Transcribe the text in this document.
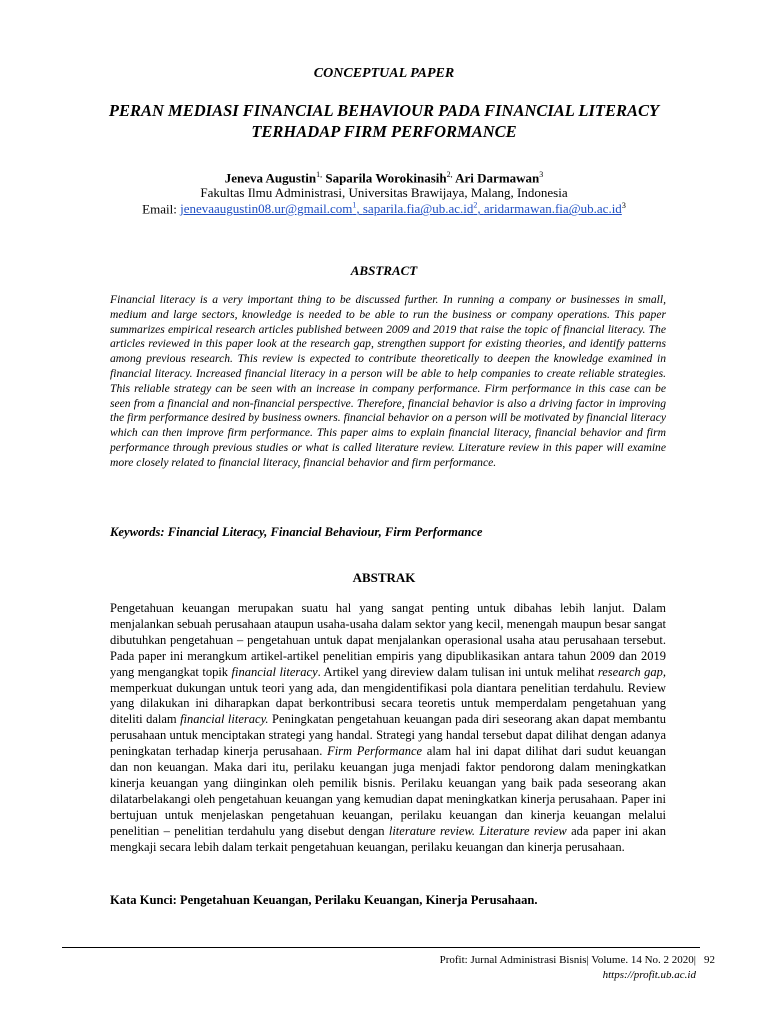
CONCEPTUAL PAPER
PERAN MEDIASI FINANCIAL BEHAVIOUR PADA FINANCIAL LITERACY TERHADAP FIRM PERFORMANCE
Jeneva Augustin$^{1,}$ Saparila Worokinasih$^{2,}$ Ari Darmawan$^3$
Fakultas Ilmu Administrasi, Universitas Brawijaya, Malang, Indonesia
Email: jenevaaugustin08.ur@gmail.com$^1$, $saparila.fia@ub.ac.id^2$, $aridarmawan.fia@ub.ac.id^3$
ABSTRACT
Financial literacy is a very important thing to be discussed further. In running a company or businesses in small, medium and large sectors, knowledge is needed to be able to run the business or company operations. This paper summarizes empirical research articles published between 2009 and 2019 that raise the topic of financial literacy. The articles reviewed in this paper look at the research gap, strengthen support for existing theories, and identify patterns among previous research. This review is expected to contribute theoretically to deepen the knowledge examined in financial literacy. Increased financial literacy in a person will be able to help companies to create reliable strategies. This reliable strategy can be seen with an increase in company performance. Firm performance in this case can be seen from a financial and non-financial perspective. Therefore, financial behavior is also a driving factor in improving the firm performance desired by business owners. financial behavior on a person will be motivated by financial literacy which can then improve firm performance. This paper aims to explain financial literacy, financial behavior and firm performance through previous studies or what is called literature review. Literature review in this paper will examine more closely related to financial literacy, financial behavior and firm performance.
Keywords: Financial Literacy, Financial Behaviour, Firm Performance
ABSTRAK
Pengetahuan keuangan merupakan suatu hal yang sangat penting untuk dibahas lebih lanjut. Dalam menjalankan sebuah perusahaan ataupun usaha-usaha dalam sektor yang kecil, menengah maupun besar sangat dibutuhkan pengetahuan – pengetahuan untuk dapat menjalankan operasional usaha atau perusahaan tersebut. Pada paper ini merangkum artikel-artikel penelitian empiris yang dipublikasikan antara tahun 2009 dan 2019 yang mengangkat topik financial literacy. Artikel yang direview dalam tulisan ini untuk melihat research gap, memperkuat dukungan untuk teori yang ada, dan mengidentifikasi pola diantara penelitian terdahulu. Review yang dilakukan ini diharapkan dapat berkontribusi secara teoretis untuk memperdalam pengetahuan yang diteliti dalam financial literacy. Peningkatan pengetahuan keuangan pada diri seseorang akan dapat membantu perusahaan untuk menciptakan strategi yang handal. Strategi yang handal tersebut dapat dilihat dengan adanya peningkatan terhadap kinerja perusahaan. Firm Performance alam hal ini dapat dilihat dari sudut keuangan dan non keuangan. Maka dari itu, perilaku keuangan juga menjadi faktor pendorong dalam meningkatkan kinerja keuangan yang diinginkan oleh pemilik bisnis. Perilaku keuangan yang baik pada seseorang akan dilatarbelakangi oleh pengetahuan keuangan yang kemudian dapat meningkatkan kinerja perusahaan. Paper ini bertujuan untuk menjelaskan pengetahuan keuangan, perilaku keuangan dan kinerja keuangan melalui penelitian – penelitian terdahulu yang disebut dengan literature review. Literature review ada paper ini akan mengkaji secara lebih dalam terkait pengetahuan keuangan, perilaku keuangan dan kinerja perusahaan.
Kata Kunci: Pengetahuan Keuangan, Perilaku Keuangan, Kinerja Perusahaan.
Profit: Jurnal Administrasi Bisnis| Volume. 14 No. 2 2020| 92
https://profit.ub.ac.id
